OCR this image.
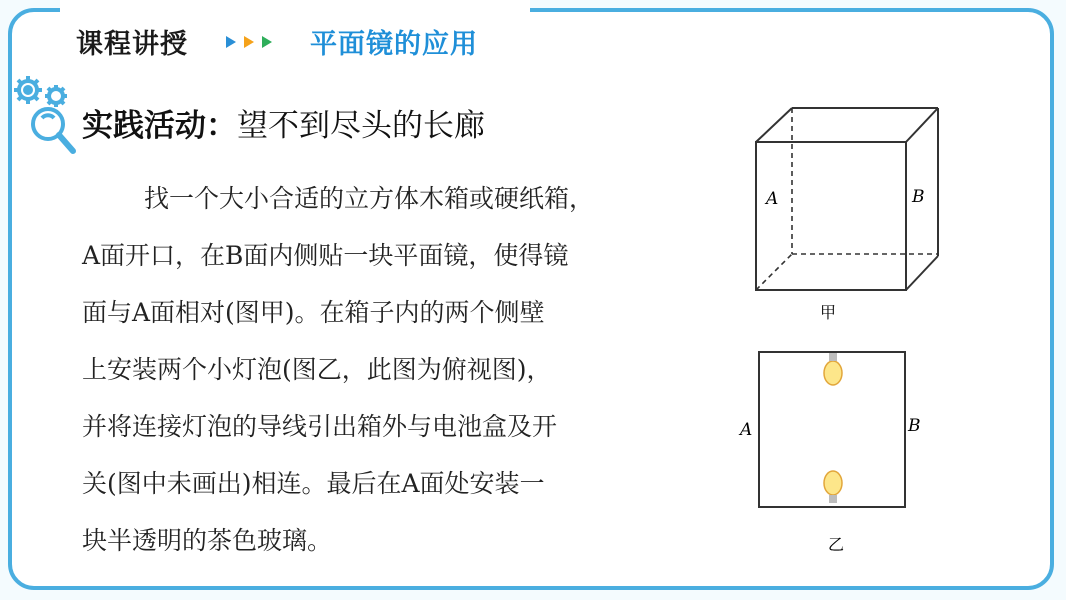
课程讲授	平面镜的应用
实践活动：望不到尽头的长廊
找一个大小合适的立方体木箱或硬纸箱，
A面开口，在B面内侧贴一块平面镜，使得镜
面与A面相对(图甲)。在箱子内的两个侧壁
上安装两个小灯泡(图乙，此图为俯视图)，
并将连接灯泡的导线引出箱外与电池盒及开
关(图中未画出)相连。最后在A面处安装一
块半透明的茶色玻璃。
A	B
甲
A	B
乙
